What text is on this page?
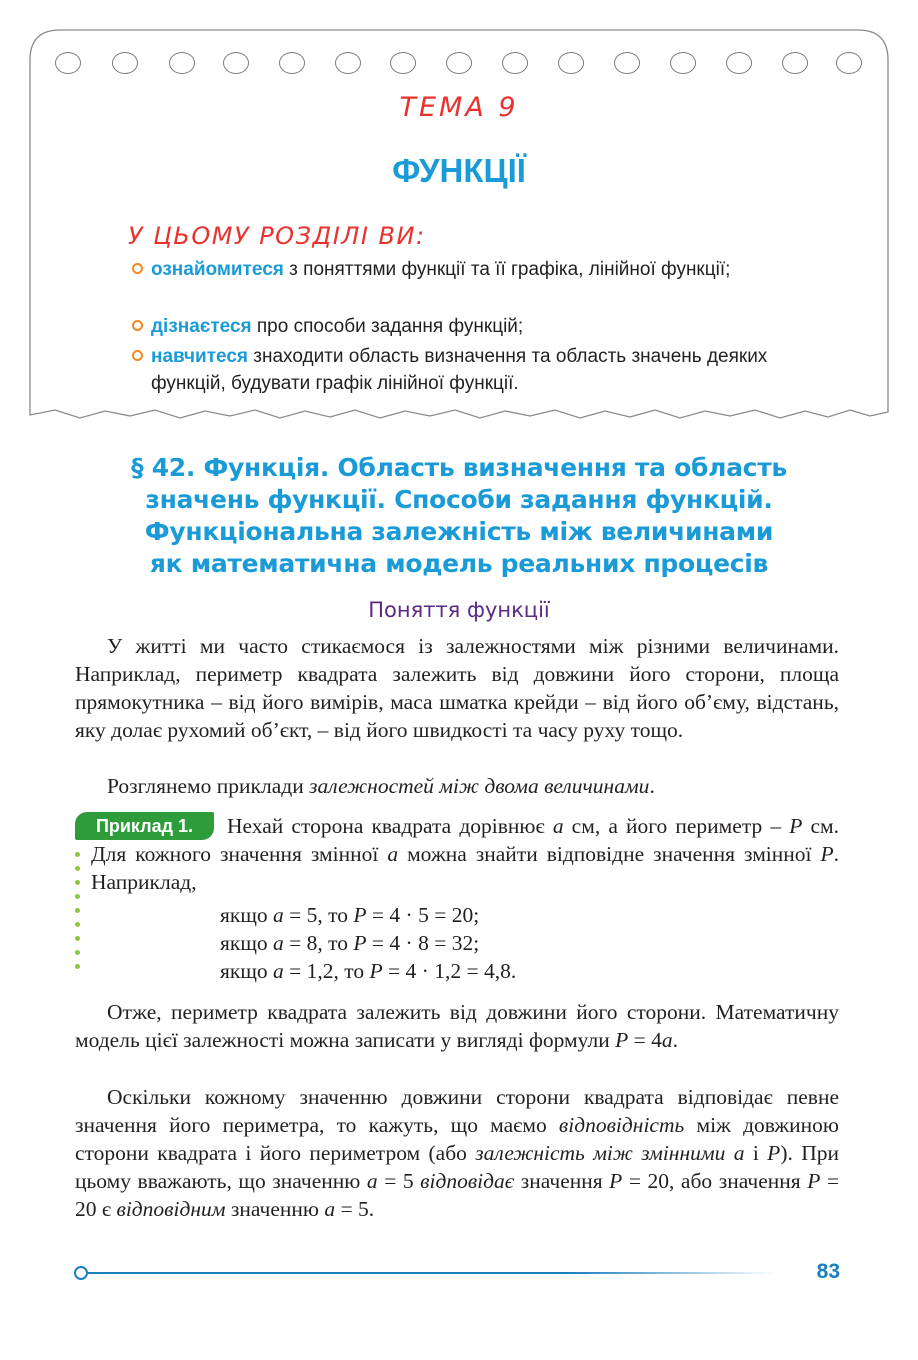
ТЕМА 9
ФУНКЦІЇ
У ЦЬОМУ РОЗДІЛІ ВИ:
ознайомитеся з поняттями функції та її графіка, лінійної функції;
дізнаєтеся про способи задання функцій;
навчитеся знаходити область визначення та область значень деяких функцій, будувати графік лінійної функції.
§ 42. Функція. Область визначення та область
значень функції. Способи задання функцій.
Функціональна залежність між величинами
як математична модель реальних процесів
Поняття функції
У житті ми часто стикаємося із залежностями між різними величинами. Наприклад, периметр квадрата залежить від довжини його сторони, площа прямокутника – від його вимірів, маса шматка крейди – від його об’єму, відстань, яку долає рухомий об’єкт, – від його швидкості та часу руху тощо.
Розглянемо приклади залежностей між двома величинами.
Приклад 1.	Нехай сторона квадрата дорівнює a см, а його периметр – P см. Для кожного значення змінної a можна знайти відповідне значення змінної P. Наприклад,
якщо a = 5, то P = 4 · 5 = 20;
якщо a = 8, то P = 4 · 8 = 32;
якщо a = 1,2, то P = 4 · 1,2 = 4,8.
Отже, периметр квадрата залежить від довжини його сторони. Математичну модель цієї залежності можна записати у вигляді формули P = 4a.
Оскільки кожному значенню довжини сторони квадрата відповідає певне значення його периметра, то кажуть, що маємо відповідність між довжиною сторони квадрата і його периметром (або залежність між змінними a і P). При цьому вважають, що значенню a = 5 відповідає значення P = 20, або значення P = 20 є відповідним значенню a = 5.
83
